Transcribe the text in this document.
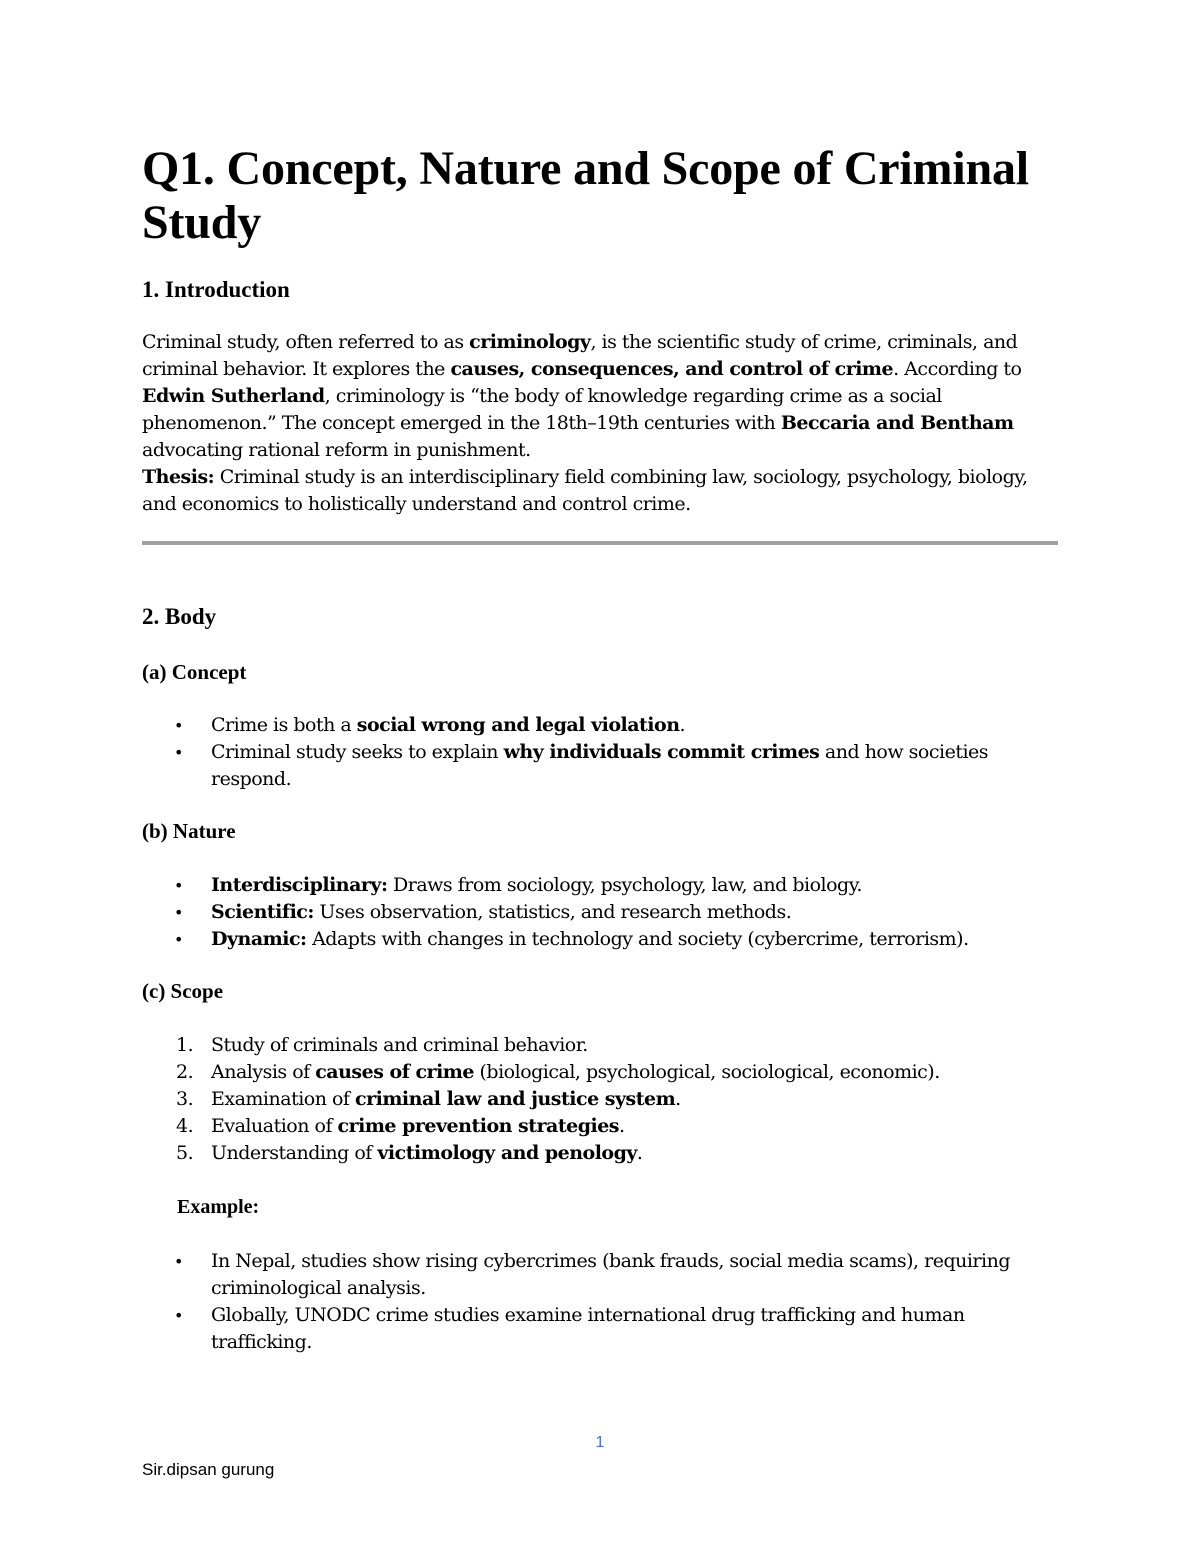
Q1. Concept, Nature and Scope of Criminal Study
1. Introduction

Criminal study, often referred to as criminology, is the scientific study of crime, criminals, and criminal behavior. It explores the causes, consequences, and control of crime. According to Edwin Sutherland, criminology is “the body of knowledge regarding crime as a social phenomenon.” The concept emerged in the 18th–19th centuries with Beccaria and Bentham advocating rational reform in punishment.

Thesis: Criminal study is an interdisciplinary field combining law, sociology, psychology, biology, and economics to holistically understand and control crime.

2. Body
(a) Concept
• Crime is both a social wrong and legal violation.
• Criminal study seeks to explain why individuals commit crimes and how societies respond.
(b) Nature
• Interdisciplinary: Draws from sociology, psychology, law, and biology.
• Scientific: Uses observation, statistics, and research methods.
• Dynamic: Adapts with changes in technology and society (cybercrime, terrorism).
(c) Scope
1. Study of criminals and criminal behavior.
2. Analysis of causes of crime (biological, psychological, sociological, economic).
3. Examination of criminal law and justice system.
4. Evaluation of crime prevention strategies.
5. Understanding of victimology and penology.
Example:
• In Nepal, studies show rising cybercrimes (bank frauds, social media scams), requiring criminological analysis.
• Globally, UNODC crime studies examine international drug trafficking and human trafficking.
1
Sir.dipsan gurung
